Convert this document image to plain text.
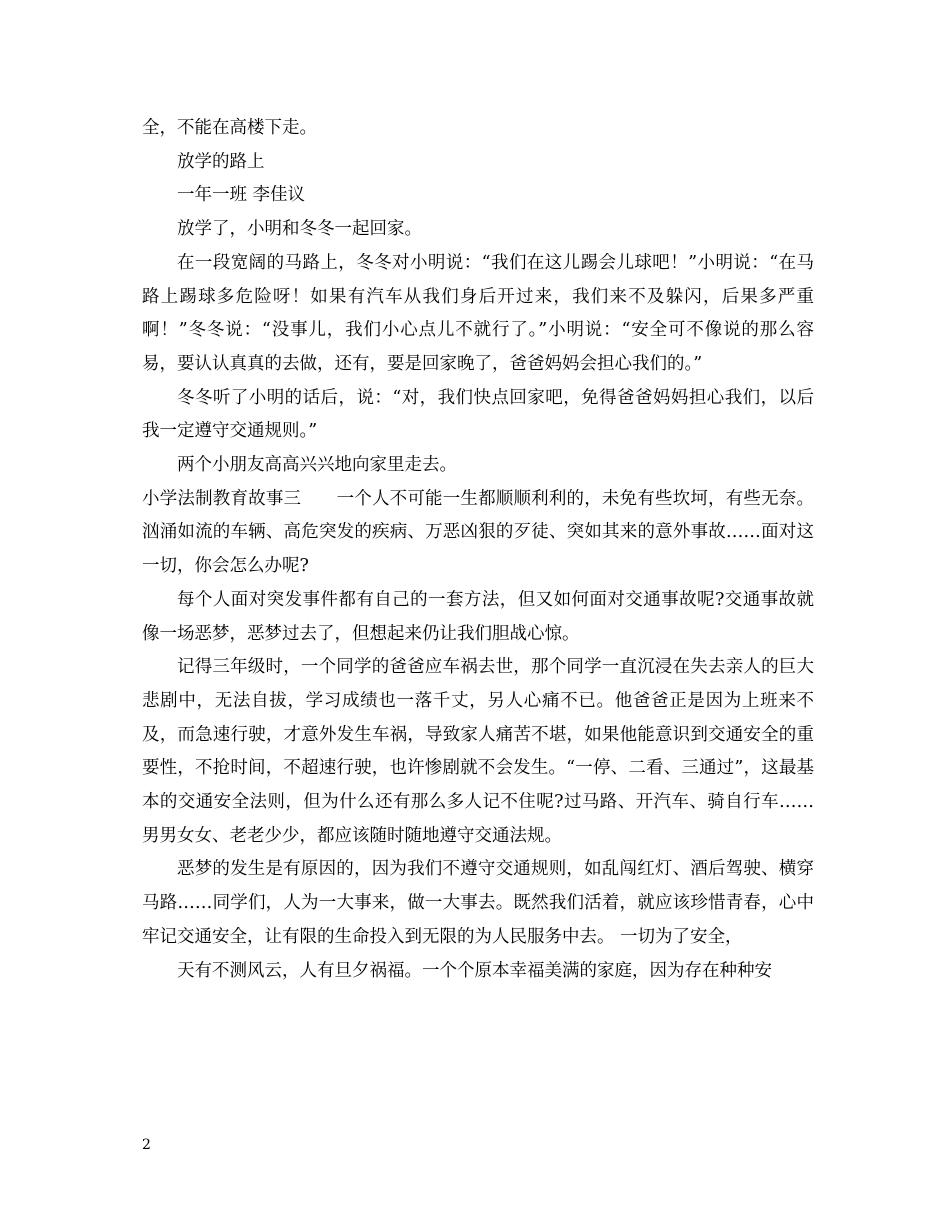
全，不能在高楼下走。

放学的路上

一年一班 李佳议

放学了，小明和冬冬一起回家。

在一段宽阔的马路上，冬冬对小明说：“我们在这儿踢会儿球吧！”小明说：“在马路上踢球多危险呀！如果有汽车从我们身后开过来，我们来不及躲闪，后果多严重啊！”冬冬说：“没事儿，我们小心点儿不就行了。”小明说：“安全可不像说的那么容易，要认认真真的去做，还有，要是回家晚了，爸爸妈妈会担心我们的。”

冬冬听了小明的话后，说：“对，我们快点回家吧，免得爸爸妈妈担心我们，以后我一定遵守交通规则。”

两个小朋友高高兴兴地向家里走去。

小学法制教育故事三　　一个人不可能一生都顺顺利利的，未免有些坎坷，有些无奈。汹涌如流的车辆、高危突发的疾病、万恶凶狠的歹徒、突如其来的意外事故……面对这一切，你会怎么办呢?

每个人面对突发事件都有自己的一套方法，但又如何面对交通事故呢?交通事故就像一场恶梦，恶梦过去了，但想起来仍让我们胆战心惊。

记得三年级时，一个同学的爸爸应车祸去世，那个同学一直沉浸在失去亲人的巨大悲剧中，无法自拔，学习成绩也一落千丈，另人心痛不已。他爸爸正是因为上班来不及，而急速行驶，才意外发生车祸，导致家人痛苦不堪，如果他能意识到交通安全的重要性，不抢时间，不超速行驶，也许惨剧就不会发生。“一停、二看、三通过”，这最基本的交通安全法则，但为什么还有那么多人记不住呢?过马路、开汽车、骑自行车……男男女女、老老少少，都应该随时随地遵守交通法规。

恶梦的发生是有原因的，因为我们不遵守交通规则，如乱闯红灯、酒后驾驶、横穿马路……同学们，人为一大事来，做一大事去。既然我们活着，就应该珍惜青春，心中牢记交通安全，让有限的生命投入到无限的为人民服务中去。 一切为了安全，

天有不测风云，人有旦夕祸福。一个个原本幸福美满的家庭，因为存在种种安

2
